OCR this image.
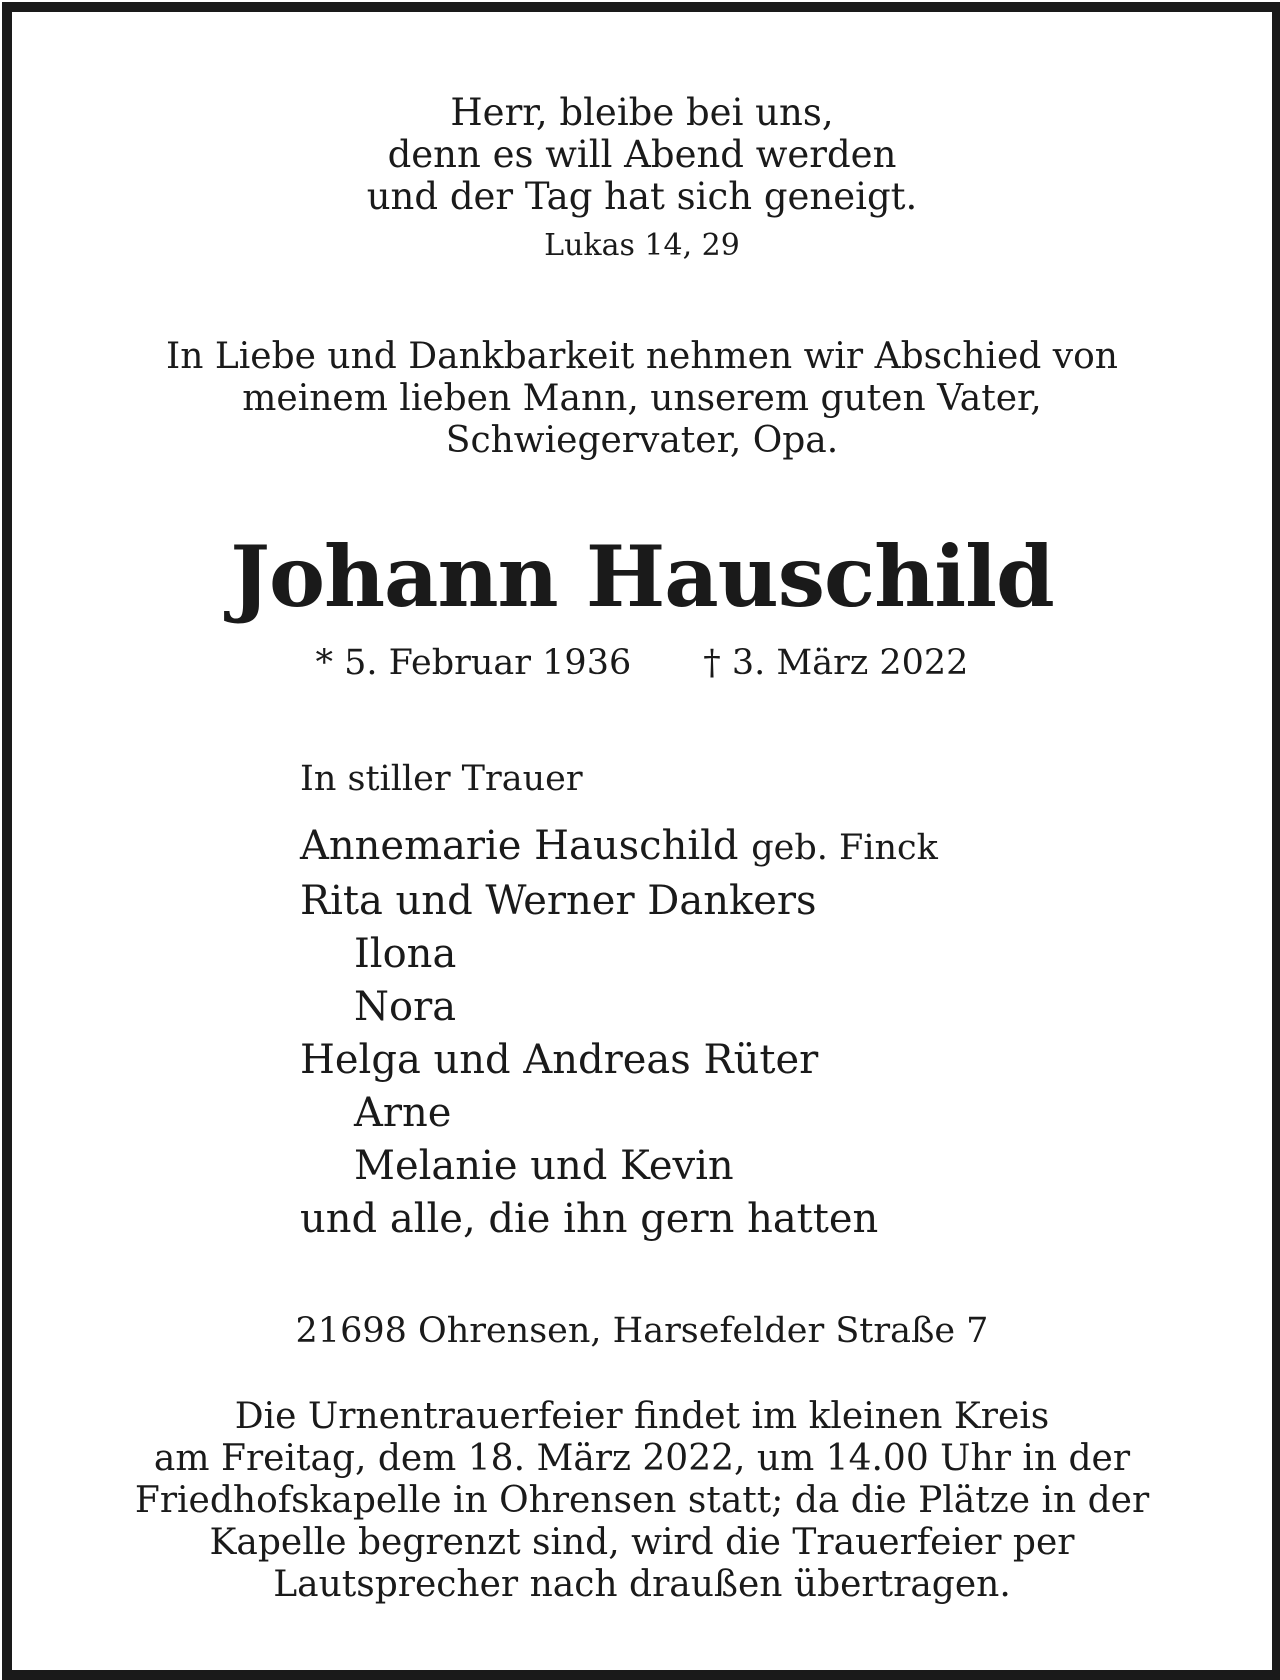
Herr, bleibe bei uns,
denn es will Abend werden
und der Tag hat sich geneigt.
Lukas 14, 29
In Liebe und Dankbarkeit nehmen wir Abschied von
meinem lieben Mann, unserem guten Vater,
Schwiegervater, Opa.
Johann Hauschild
* 5. Februar 1936 † 3. März 2022
In stiller Trauer
Annemarie Hauschild geb. Finck
Rita und Werner Dankers
Ilona
Nora
Helga und Andreas Rüter
Arne
Melanie und Kevin
und alle, die ihn gern hatten
21698 Ohrensen, Harsefelder Straße 7
Die Urnentrauerfeier findet im kleinen Kreis
am Freitag, dem 18. März 2022, um 14.00 Uhr in der
Friedhofskapelle in Ohrensen statt; da die Plätze in der
Kapelle begrenzt sind, wird die Trauerfeier per
Lautsprecher nach draußen übertragen.
